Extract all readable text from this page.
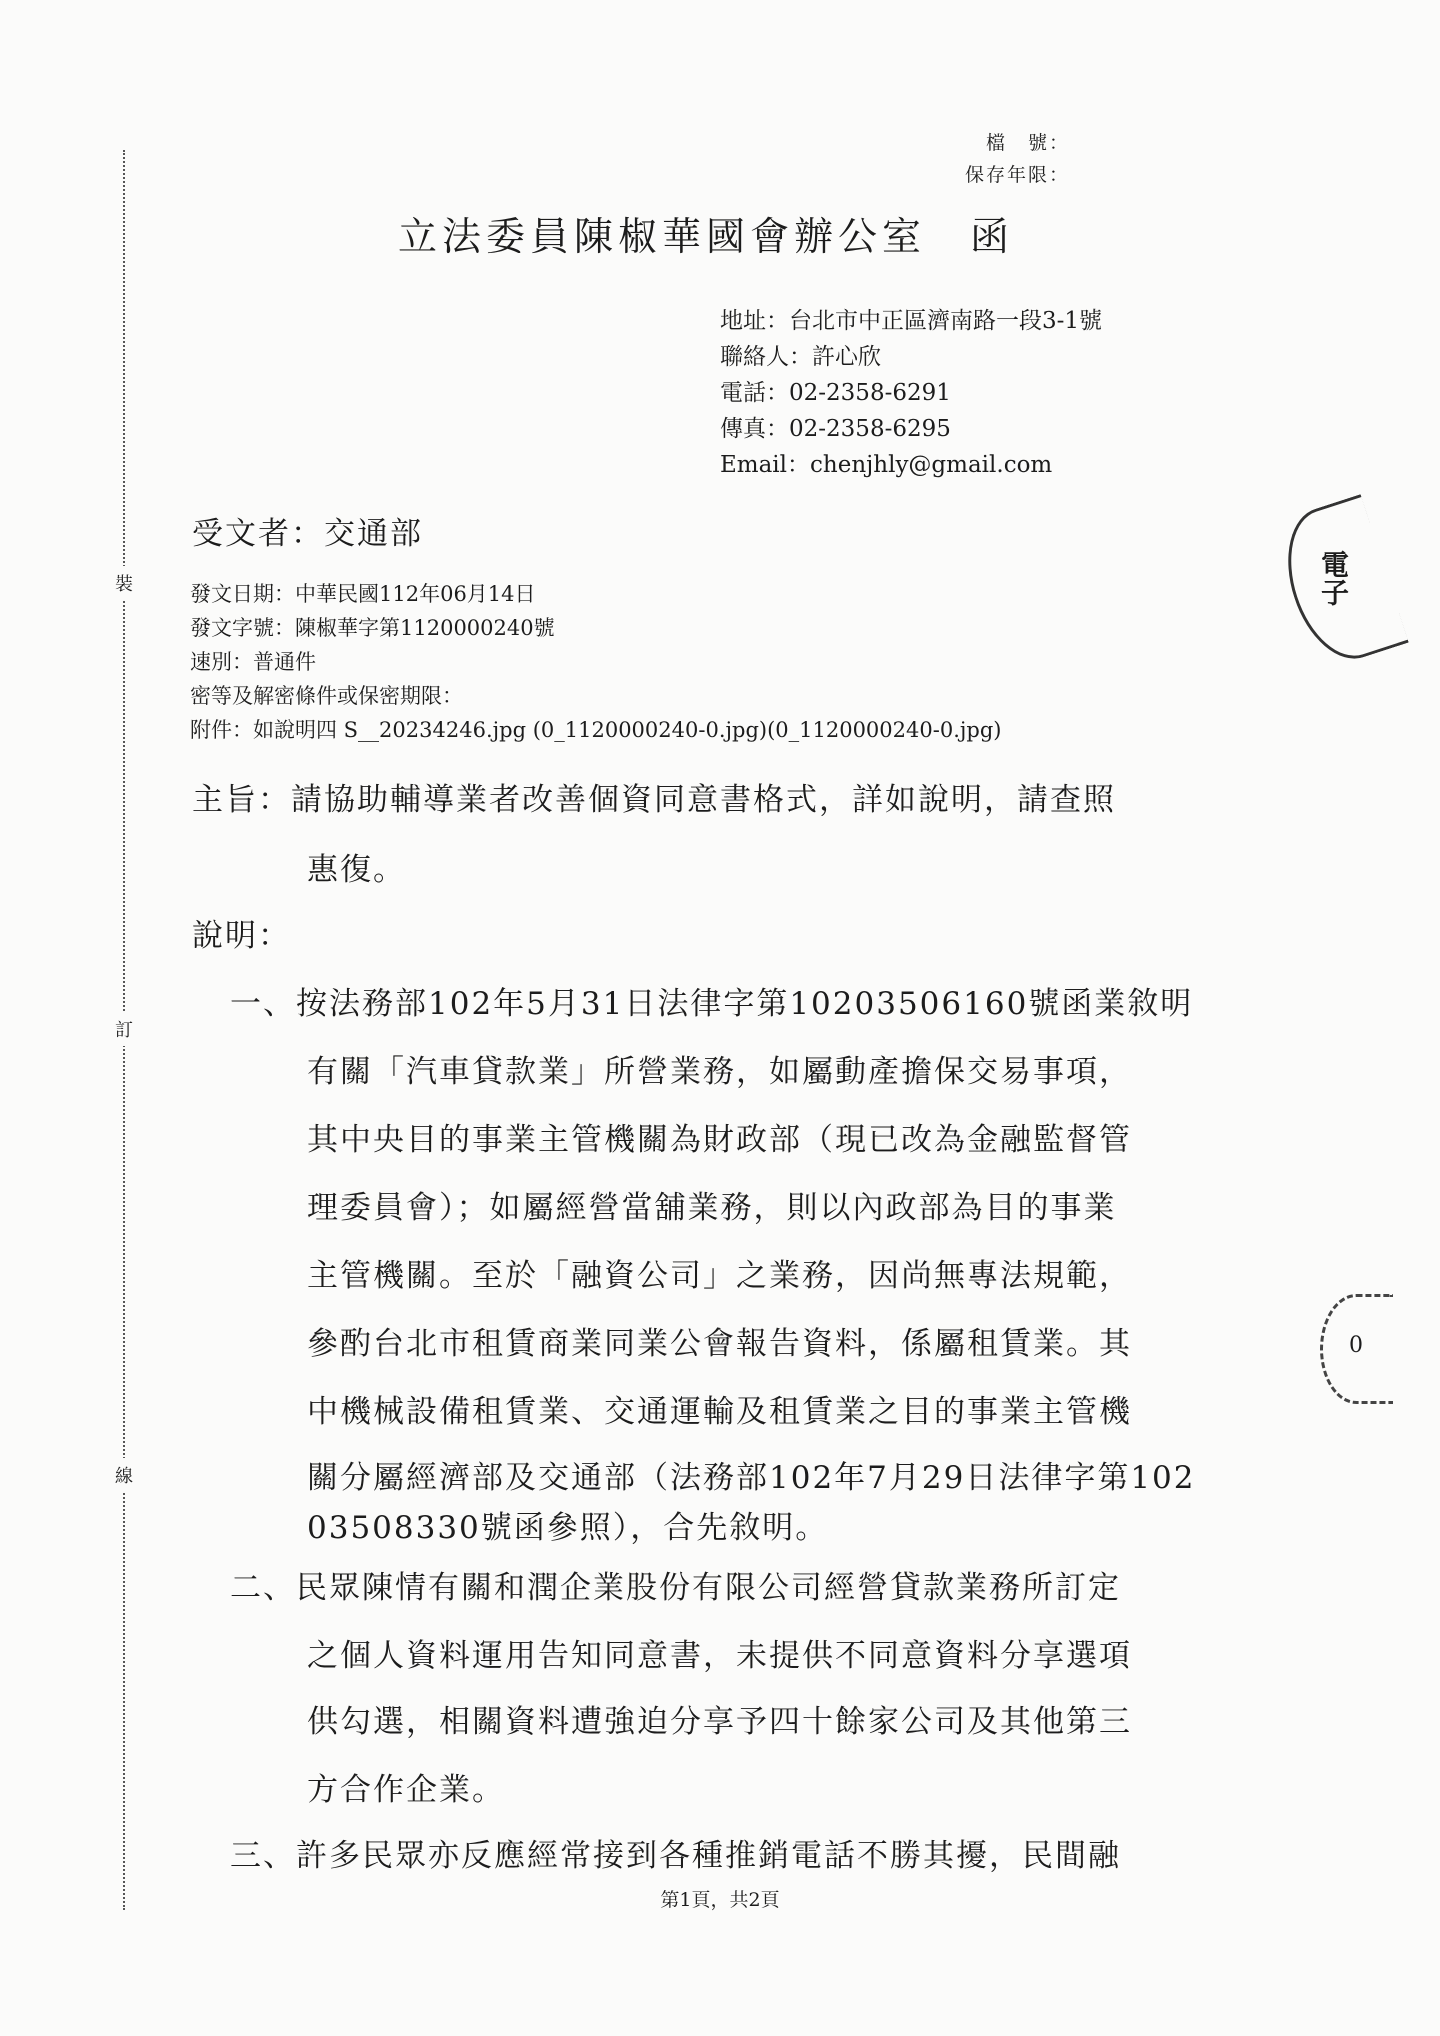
裝
訂
線
檔　號：
保存年限：
立法委員陳椒華國會辦公室 函
地址：台北市中正區濟南路一段3-1號
聯絡人：許心欣
電話：02-2358-6291
傳真：02-2358-6295
Email：chenjhly@gmail.com
受文者：交通部
發文日期：中華民國112年06月14日
發文字號：陳椒華字第1120000240號
速別：普通件
密等及解密條件或保密期限：
附件：如說明四 S__20234246.jpg (0_1120000240-0.jpg)(0_1120000240-0.jpg)
主旨：請協助輔導業者改善個資同意書格式，詳如說明，請查照
惠復。
說明：
一、按法務部102年5月31日法律字第10203506160號函業敘明
有關「汽車貸款業」所營業務，如屬動產擔保交易事項，
其中央目的事業主管機關為財政部（現已改為金融監督管
理委員會）；如屬經營當舖業務，則以內政部為目的事業
主管機關。至於「融資公司」之業務，因尚無專法規範，
參酌台北市租賃商業同業公會報告資料，係屬租賃業。其
中機械設備租賃業、交通運輸及租賃業之目的事業主管機
關分屬經濟部及交通部（法務部102年7月29日法律字第102
03508330號函參照），合先敘明。
二、民眾陳情有關和潤企業股份有限公司經營貸款業務所訂定
之個人資料運用告知同意書，未提供不同意資料分享選項
供勾選，相關資料遭強迫分享予四十餘家公司及其他第三
方合作企業。
三、許多民眾亦反應經常接到各種推銷電話不勝其擾，民間融
第1頁，共2頁
電子
0
